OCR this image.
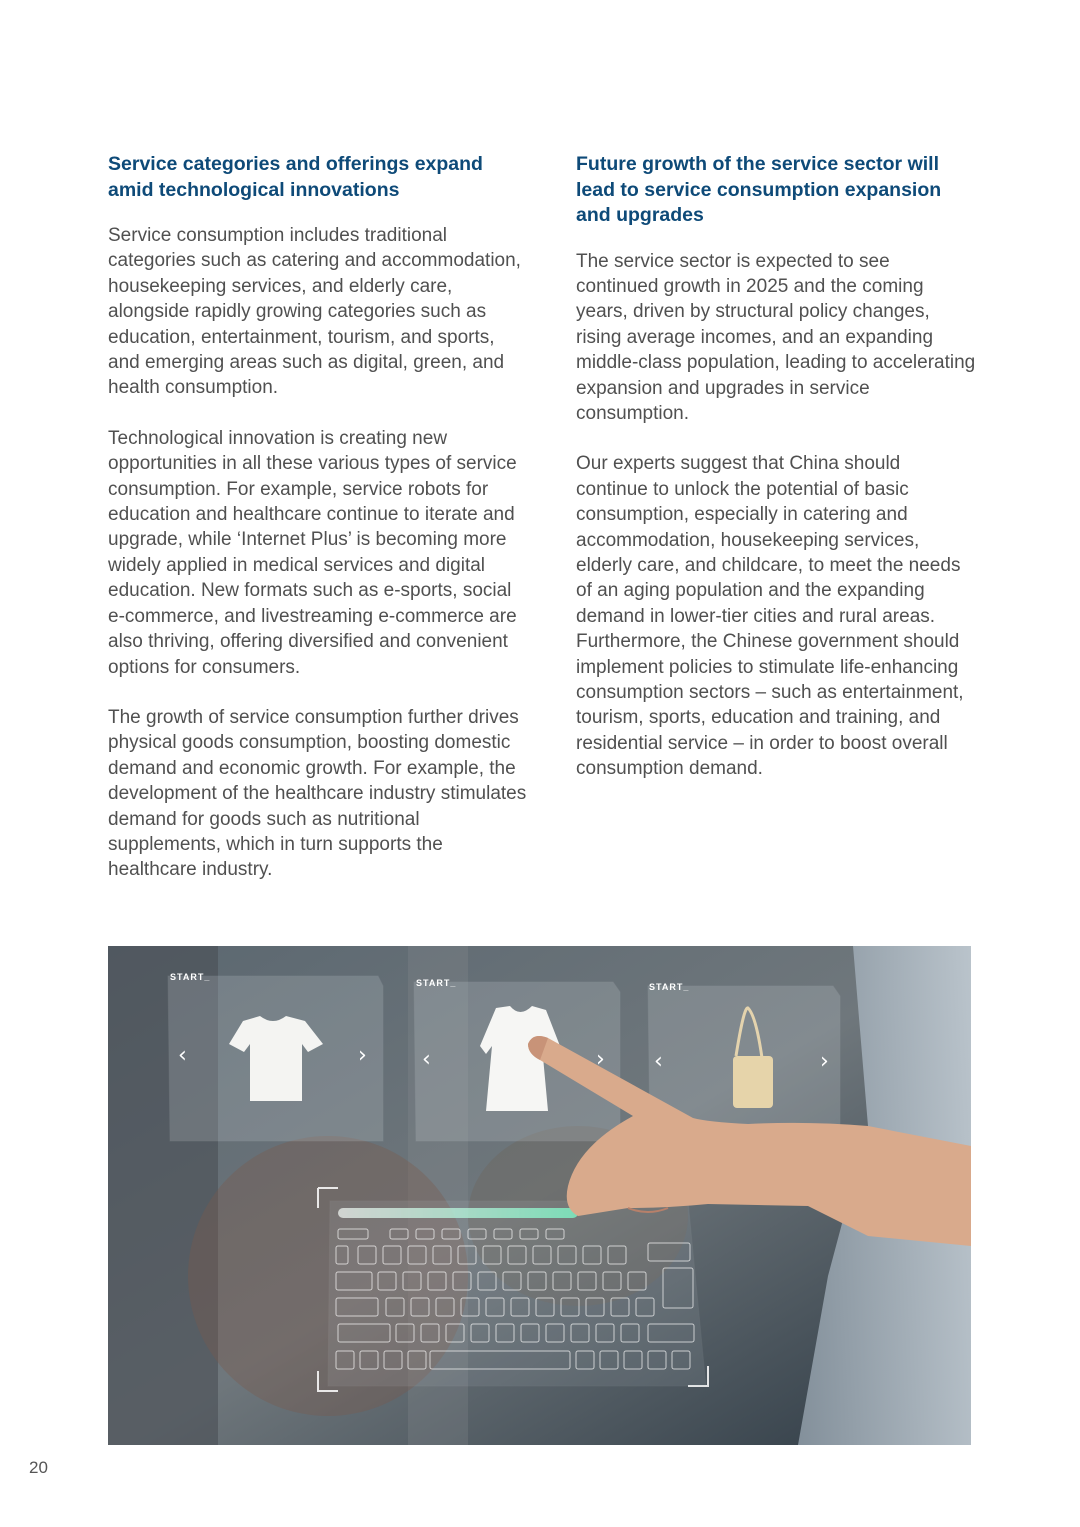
Service categories and offerings expand amid technological innovations

Service consumption includes traditional categories such as catering and accommodation, housekeeping services, and elderly care, alongside rapidly growing categories such as education, entertainment, tourism, and sports, and emerging areas such as digital, green, and health consumption.

Technological innovation is creating new opportunities in all these various types of service consumption. For example, service robots for education and healthcare continue to iterate and upgrade, while ‘Internet Plus’ is becoming more widely applied in medical services and digital education. New formats such as e-sports, social e-commerce, and livestreaming e-commerce are also thriving, offering diversified and convenient options for consumers.

The growth of service consumption further drives physical goods consumption, boosting domestic demand and economic growth. For example, the development of the healthcare industry stimulates demand for goods such as nutritional supplements, which in turn supports the healthcare industry.

Future growth of the service sector will lead to service consumption expansion and upgrades

The service sector is expected to see continued growth in 2025 and the coming years, driven by structural policy changes, rising average incomes, and an expanding middle-class population, leading to accelerating expansion and upgrades in service consumption.

Our experts suggest that China should continue to unlock the potential of basic consumption, especially in catering and accommodation, housekeeping services, elderly care, and childcare, to meet the needs of an aging population and the expanding demand in lower-tier cities and rural areas. Furthermore, the Chinese government should implement policies to stimulate life-enhancing consumption sectors – such as entertainment, tourism, sports, education and training, and residential service – in order to boost overall consumption demand.

START_
‹	›
START_
‹	›
START_
‹	›
20
